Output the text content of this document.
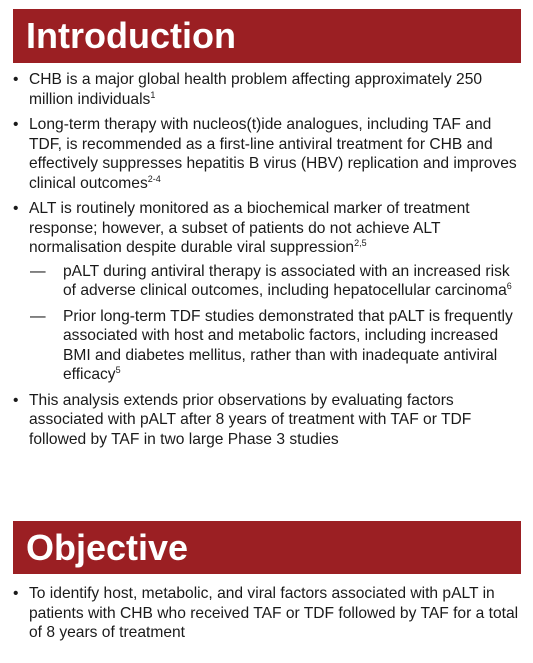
Introduction
• CHB is a major global health problem affecting approximately 250 million individuals$^1$
• Long-term therapy with nucleos(t)ide analogues, including TAF and TDF, is recommended as a first-line antiviral treatment for CHB and effectively suppresses hepatitis B virus (HBV) replication and improves clinical outcomes$^{2-4}$
• ALT is routinely monitored as a biochemical marker of treatment response; however, a subset of patients do not achieve ALT normalisation despite durable viral suppression$^{2,5}$
— pALT during antiviral therapy is associated with an increased risk of adverse clinical outcomes, including hepatocellular carcinoma$^6$
— Prior long-term TDF studies demonstrated that pALT is frequently associated with host and metabolic factors, including increased BMI and diabetes mellitus, rather than with inadequate antiviral efficacy$^5$
• This analysis extends prior observations by evaluating factors associated with pALT after 8 years of treatment with TAF or TDF followed by TAF in two large Phase 3 studies
Objective
• To identify host, metabolic, and viral factors associated with pALT in patients with CHB who received TAF or TDF followed by TAF for a total of 8 years of treatment
